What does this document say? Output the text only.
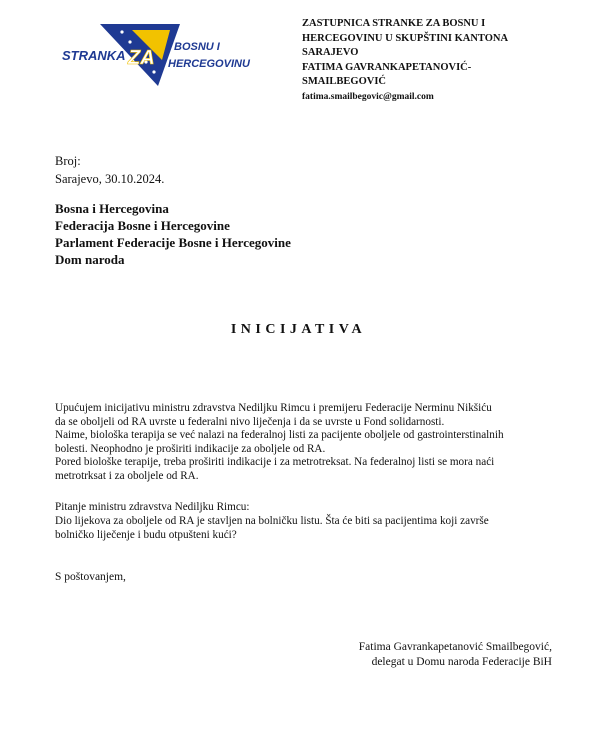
STRANKA ZA BOSNU I
HERCEGOVINU
ZASTUPNICA STRANKE ZA BOSNU I
HERCEGOVINU U SKUPŠTINI KANTONA
SARAJEVO
FATIMA GAVRANKAPETANOVIĆ-
SMAILBEGOVIĆ
fatima.smailbegovic@gmail.com
Broj:
Sarajevo, 30.10.2024.
Bosna i Hercegovina
Federacija Bosne i Hercegovine
Parlament Federacije Bosne i Hercegovine
Dom naroda
INICIJATIVA
Upućujem inicijativu ministru zdravstva Nediljku Rimcu i premijeru Federacije Nerminu Nikšiću
da se oboljeli od RA uvrste u federalni nivo liječenja i da se uvrste u Fond solidarnosti.
Naime, biološka terapija se već nalazi na federalnoj listi za pacijente oboljele od gastrointerstinalnih
bolesti. Neophodno je proširiti indikacije za oboljele od RA.
Pored biološke terapije, treba proširiti indikacije i za metrotreksat. Na federalnoj listi se mora naći
metrotrksat i za oboljele od RA.
Pitanje ministru zdravstva Nediljku Rimcu:
Dio lijekova za oboljele od RA je stavljen na bolničku listu. Šta će biti sa pacijentima koji završe
bolničko liječenje i budu otpušteni kući?
S poštovanjem,
Fatima Gavrankapetanović Smailbegović,
delegat u Domu naroda Federacije BiH
